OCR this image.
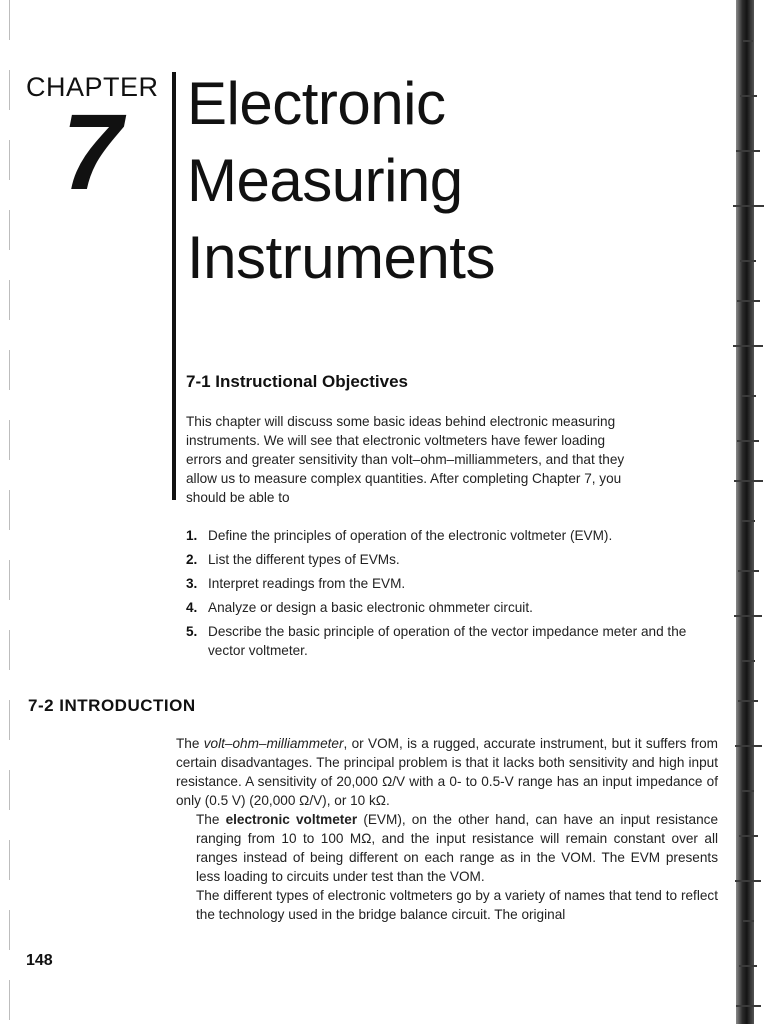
CHAPTER
7 Electronic
Measuring
Instruments
7-1 Instructional Objectives
This chapter will discuss some basic ideas behind electronic measuring
instruments. We will see that electronic voltmeters have fewer loading
errors and greater sensitivity than volt–ohm–milliammeters, and that they
allow us to measure complex quantities. After completing Chapter 7, you
should be able to
1. Define the principles of operation of the electronic voltmeter (EVM).
2. List the different types of EVMs.
3. Interpret readings from the EVM.
4. Analyze or design a basic electronic ohmmeter circuit.
5. Describe the basic principle of operation of the vector impedance meter and the vector voltmeter.
7-2 INTRODUCTION

The volt–ohm–milliammeter, or VOM, is a rugged, accurate instrument, but it suffers from certain disadvantages. The principal problem is that it lacks both sensitivity and high input resistance. A sensitivity of 20,000 Ω/V with a 0- to 0.5-V range has an input impedance of only (0.5 V) (20,000 Ω/V), or 10 kΩ.

The electronic voltmeter (EVM), on the other hand, can have an input resistance ranging from 10 to 100 MΩ, and the input resistance will remain constant over all ranges instead of being different on each range as in the VOM. The EVM presents less loading to circuits under test than the VOM.

The different types of electronic voltmeters go by a variety of names that tend to reflect the technology used in the bridge balance circuit. The original

148
